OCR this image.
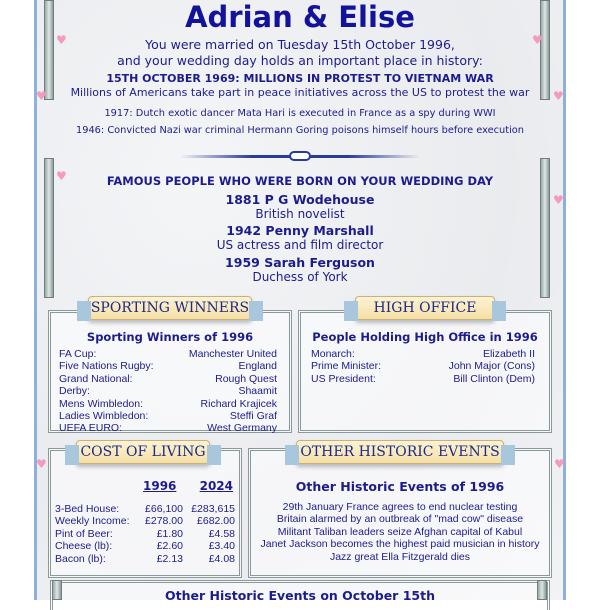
♥
♥
♥
♥
♥
♥
♥	♥
Adrian & Elise
You were married on Tuesday 15th October 1996,
and your wedding day holds an important place in history:
15TH OCTOBER 1969: MILLIONS IN PROTEST TO VIETNAM WAR
Millions of Americans take part in peace initiatives across the US to protest the war
1917: Dutch exotic dancer Mata Hari is executed in France as a spy during WWI
1946: Convicted Nazi war criminal Hermann Goring poisons himself hours before execution
FAMOUS PEOPLE WHO WERE BORN ON YOUR WEDDING DAY
1881 P G Wodehouse
British novelist
1942 Penny Marshall
US actress and film director
1959 Sarah Ferguson
Duchess of York
Sporting Winners of 1996
FA Cup:	Manchester United
Five Nations Rugby:	England
Grand National:	Rough Quest
Derby:	Shaamit
Mens Wimbledon:	Richard Krajicek
Ladies Wimbledon:	Steffi Graf
UEFA EURO:	West Germany
SPORTING WINNERS
People Holding High Office in 1996
Monarch:	Elizabeth II
Prime Minister:	John Major (Cons)
US President:	Bill Clinton (Dem)
HIGH OFFICE
1996 2024
3-Bed House:	£66,100 £283,615
Weekly Income:	£278.00	£682.00
Pint of Beer:	£1.80	£4.58
Cheese (lb):	£2.60	£3.40
Bacon (lb):	£2.13	£4.08
COST OF LIVING
Other Historic Events of 1996
29th January France agrees to end nuclear testing
Britain alarmed by an outbreak of "mad cow" disease
Militant Taliban leaders seize Afghan capital of Kabul
Janet Jackson becomes the highest paid musician in history
Jazz great Ella Fitzgerald dies
OTHER HISTORIC EVENTS
Other Historic Events on October 15th
